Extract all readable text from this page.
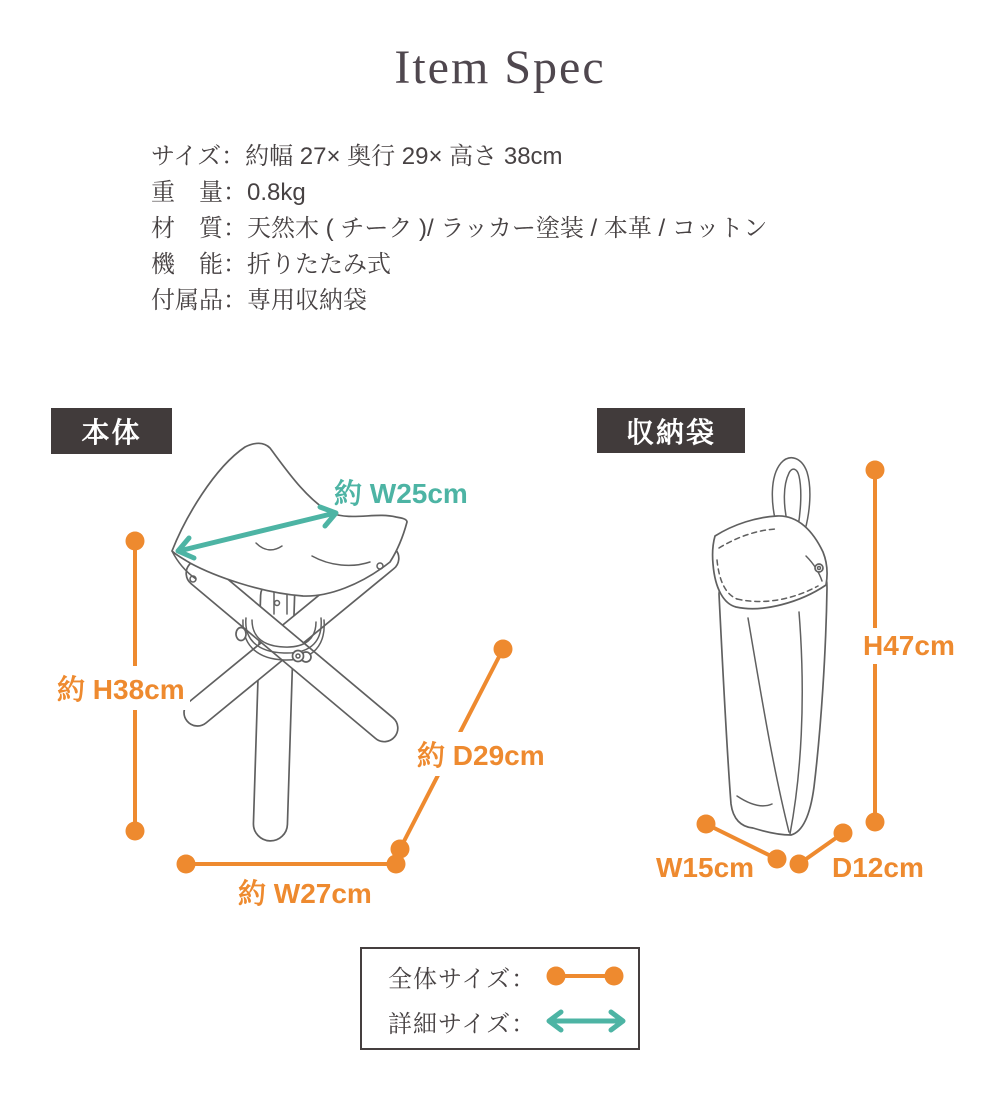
Item Spec
サイズ：約幅 27× 奥行 29× 高さ 38cm
重　量：0.8kg
材　質：天然木 ( チーク )/ ラッカー塗装 / 本革 / コットン
機　能：折りたたみ式
付属品：専用収納袋
本体	収納袋
約 W25cm
約 H38cm
約 D29cm
約 W27cm
H47cm
W15cm	D12cm
全体サイズ：
詳細サイズ：
